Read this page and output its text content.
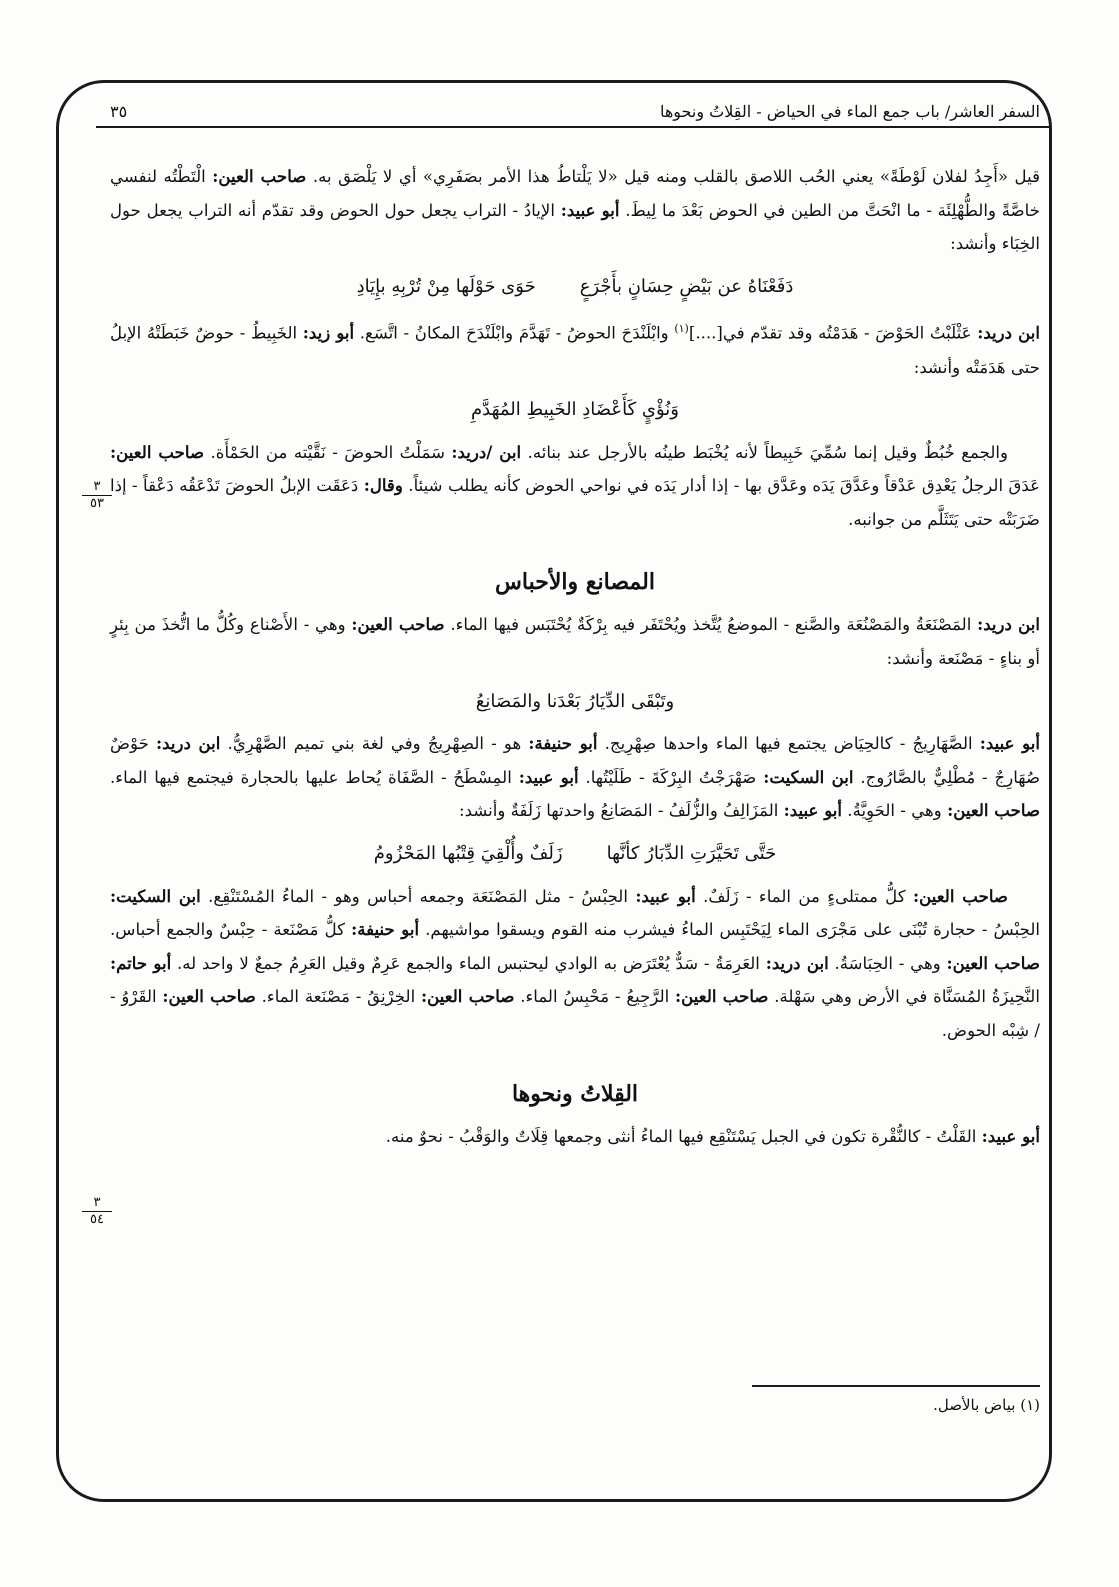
٣٥	السفر العاشر/ باب جمع الماء في الحياض - القِلاتُ ونحوها
٣
٥٣
٣
٥٤

قيل «أَجِدُ لفلان لَوْطَةً» يعني الحُب اللاصق بالقلب ومنه قيل «لا يَلْتاطُ هذا الأمر بصَفَرِي» أي لا يَلْصَق به. صاحب العين: الْتَطْتُه لنفسي خاصَّةً والطُّهْلِئَة - ما انْحَتَّ من الطين في الحوض بَعْدَ ما لِيطَ. أبو عبيد: الإيادُ - التراب يجعل حول الحوض وقد تقدّم أنه التراب يجعل حول الخِبَاء وأنشد:

دَفَعْنَاهُ عن بَيْضٍ حِسَانٍ بأَجْرَعٍ
حَوَى حَوْلَها مِنْ تُرْبِهِ بإِيَادِ

ابن دريد: عَثْلَبْتُ الحَوْضَ - هَدَمْتُه وقد تقدّم في[....]$^{(١)}$ وابْلَنْدَحَ الحوضُ - تَهَدَّمَ وابْلَنْدَحَ المكانُ - اتَّسَع. أبو زيد: الخَبِيطُ - حوضٌ خَبَطَتْهُ الإبلُ حتى هَدَمَتْه وأنشد:

وَنُؤْيٍ كَأَعْضَادِ الخَبِيطِ المُهَدَّمِ

والجمع خُبُطٌ وقيل إنما سُمِّيَ خَبِيطاً لأنه يُخْبَط طينُه بالأرجل عند بنائه. ابن /دريد: سَمَلْتُ الحوضَ - نَقَّيْته من الحَمْأَة. صاحب العين: عَدَقَ الرجلُ يَعْدِق عَدْقاً وعَدَّقَ يَدَه وعَدَّق بها - إذا أدار يَدَه في نواحي الحوض كأنه يطلب شيئاً. وقال: دَعَقَت الإبلُ الحوضَ تَدْعَقُه دَعْقاً - إذا ضَرَبَتْه حتى يَتَثَلَّم من جوانبه.

المصانع والأحباس

ابن دريد: المَصْنَعَةُ والمَصْنُعَة والصَّنع - الموضعُ يُتَّخذ ويُحْتَفَر فيه بِرْكَةٌ يُحْتَبَس فيها الماء. صاحب العين: وهي - الأَصْناع وكُلُّ ما اتُّخذَ من بِئرٍ أو بناءٍ - مَصْنَعة وأنشد:

وتَبْقَى الدِّيَارُ بَعْدَنا والمَصَانِعُ

أبو عبيد: الصَّهَارِيجُ - كالحِيَاض يجتمع فيها الماء واحدها صِهْرِيج. أبو حنيفة: هو - الصِهْرِيجُ وفي لغة بني تميم الصَّهْرِيُّ. ابن دريد: حَوْضٌ صُهَارِجٌ - مُطْلِيٌّ بالصَّارُوج. ابن السكيت: صَهْرَجْتُ البِرْكَةَ - طَلَيْتُها. أبو عبيد: المِسْطَحُ - الصَّفَاة يُحاط عليها بالحجارة فيجتمع فيها الماء. صاحب العين: وهي - الحَوِيَّةُ. أبو عبيد: المَزَالِفُ والزُّلَفُ - المَصَانِعُ واحدتها زَلَفَةٌ وأنشد:

حَتَّى تَحَيَّرَتِ الدِّبَارُ كأنَّها
زَلَفٌ وأُلْقِيَ قِتْبُها المَحْزُومُ

صاحب العين: كلُّ ممتلىءٍ من الماء - زَلَفٌ. أبو عبيد: الحِبْسُ - مثل المَصْنَعَة وجمعه أحباس وهو - الماءُ المُسْتَنْقِع. ابن السكيت: الحِبْسُ - حجارة تُبْنَى على مَجْرَى الماء لِيَحْتَبِس الماءُ فيشرب منه القوم ويسقوا مواشيهم. أبو حنيفة: كلُّ مَصْنَعة - حِبْسٌ والجمع أحباس. صاحب العين: وهي - الحِبَاسَةُ. ابن دريد: العَرِمَةُ - سَدٌّ يُعْتَرَض به الوادي ليحتبس الماء والجمع عَرِمٌ وقيل العَرِمُ جمعٌ لا واحد له. أبو حاتم: النَّحِيزَةُ المُسَنَّاة في الأرض وهي سَهْلة. صاحب العين: الرَّجِيعُ - مَحْبِسُ الماء. صاحب العين: الخِرْنِقُ - مَصْنَعة الماء. صاحب العين: القَرْوُ - / شِبْه الحوض.

القِلاتُ ونحوها

أبو عبيد: القَلْتُ - كالنُّقْرة تكون في الجبل يَسْتَنْقِع فيها الماءُ أنثى وجمعها قِلَاتٌ والوَقْبُ - نحوٌ منه.

(١) بياض بالأصل.
